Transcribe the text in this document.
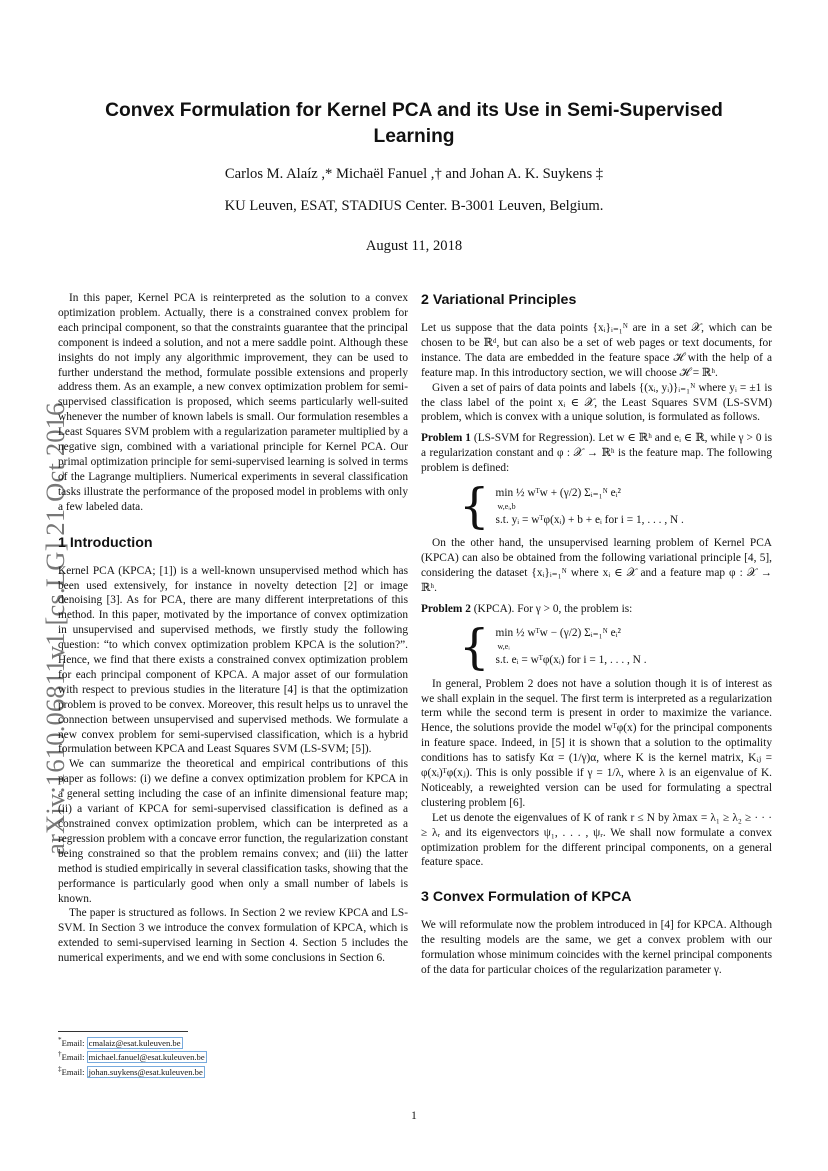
arXiv:1610.06811v1 [cs.LG] 21 Oct 2016
Convex Formulation for Kernel PCA and its Use in Semi-Supervised Learning
Carlos M. Alaíz ,* Michaël Fanuel ,† and Johan A. K. Suykens ‡
KU Leuven, ESAT, STADIUS Center. B-3001 Leuven, Belgium.
August 11, 2018

In this paper, Kernel PCA is reinterpreted as the solution to a convex optimization problem. Actually, there is a constrained convex problem for each principal component, so that the constraints guarantee that the principal component is indeed a solution, and not a mere saddle point. Although these insights do not imply any algorithmic improvement, they can be used to further understand the method, formulate possible extensions and properly address them. As an example, a new convex optimization problem for semi-supervised classification is proposed, which seems particularly well-suited whenever the number of known labels is small. Our formulation resembles a Least Squares SVM problem with a regularization parameter multiplied by a negative sign, combined with a variational principle for Kernel PCA. Our primal optimization principle for semi-supervised learning is solved in terms of the Lagrange multipliers. Numerical experiments in several classification tasks illustrate the performance of the proposed model in problems with only a few labeled data.

1 Introduction

Kernel PCA (KPCA; [1]) is a well-known unsupervised method which has been used extensively, for instance in novelty detection [2] or image denoising [3]. As for PCA, there are many different interpretations of this method. In this paper, motivated by the importance of convex optimization in unsupervised and supervised methods, we firstly study the following question: “to which convex optimization problem KPCA is the solution?”. Hence, we find that there exists a constrained convex optimization problem for each principal component of KPCA. A major asset of our formulation with respect to previous studies in the literature [4] is that the optimization problem is proved to be convex. Moreover, this result helps us to unravel the connection between unsupervised and supervised methods. We formulate a new convex problem for semi-supervised classification, which is a hybrid formulation between KPCA and Least Squares SVM (LS-SVM; [5]).

We can summarize the theoretical and empirical contributions of this paper as follows: (i) we define a convex optimization problem for KPCA in a general setting including the case of an infinite dimensional feature map; (ii) a variant of KPCA for semi-supervised classification is defined as a constrained convex optimization problem, which can be interpreted as a regression problem with a concave error function, the regularization constant being constrained so that the problem remains convex; and (iii) the latter method is studied empirically in several classification tasks, showing that the performance is particularly good when only a small number of labels is known.

The paper is structured as follows. In Section 2 we review KPCA and LS-SVM. In Section 3 we introduce the convex formulation of KPCA, which is extended to semi-supervised learning in Section 4. Section 5 includes the numerical experiments, and we end with some conclusions in Section 6.

*Email: cmalaiz@esat.kuleuven.be
†Email: michael.fanuel@esat.kuleuven.be
‡Email: johan.suykens@esat.kuleuven.be
2 Variational Principles

Let us suppose that the data points {xᵢ}ᵢ₌₁ᴺ are in a set 𝒳, which can be chosen to be ℝᵈ, but can also be a set of web pages or text documents, for instance. The data are embedded in the feature space ℋ with the help of a feature map. In this introductory section, we will choose ℋ = ℝʰ.

Given a set of pairs of data points and labels {(xᵢ, yᵢ)}ᵢ₌₁ᴺ where yᵢ = ±1 is the class label of the point xᵢ ∈ 𝒳, the Least Squares SVM (LS-SVM) problem, which is convex with a unique solution, is formulated as follows.

Problem 1 (LS-SVM for Regression). Let w ∈ ℝʰ and eᵢ ∈ ℝ, while γ > 0 is a regularization constant and φ : 𝒳 → ℝʰ is the feature map. The following problem is defined:

{ min ½ wᵀw + (γ/2) Σᵢ₌₁ᴺ eᵢ²
w,eᵢ,b
s.t. yᵢ = wᵀφ(xᵢ) + b + eᵢ for i = 1, . . . , N .

On the other hand, the unsupervised learning problem of Kernel PCA (KPCA) can also be obtained from the following variational principle [4, 5], considering the dataset {xᵢ}ᵢ₌₁ᴺ where xᵢ ∈ 𝒳 and a feature map φ : 𝒳 → ℝʰ.

Problem 2 (KPCA). For γ > 0, the problem is:

{ min ½ wᵀw − (γ/2) Σᵢ₌₁ᴺ eᵢ²
w,eᵢ
s.t. eᵢ = wᵀφ(xᵢ) for i = 1, . . . , N .

In general, Problem 2 does not have a solution though it is of interest as we shall explain in the sequel. The first term is interpreted as a regularization term while the second term is present in order to maximize the variance. Hence, the solutions provide the model wᵀφ(x) for the principal components in feature space. Indeed, in [5] it is shown that a solution to the optimality conditions has to satisfy Kα = (1/γ)α, where K is the kernel matrix, Kᵢⱼ = φ(xᵢ)ᵀφ(xⱼ). This is only possible if γ = 1/λ, where λ is an eigenvalue of K. Noticeably, a reweighted version can be used for formulating a spectral clustering problem [6].

Let us denote the eigenvalues of K of rank r ≤ N by λmax = λ₁ ≥ λ₂ ≥ · · · ≥ λᵣ and its eigenvectors ψ₁, . . . , ψᵣ. We shall now formulate a convex optimization problem for the different principal components, on a general feature space.

3 Convex Formulation of KPCA

We will reformulate now the problem introduced in [4] for KPCA. Although the resulting models are the same, we get a convex problem with our formulation whose minimum coincides with the kernel principal components of the data for particular choices of the regularization parameter γ.

1
